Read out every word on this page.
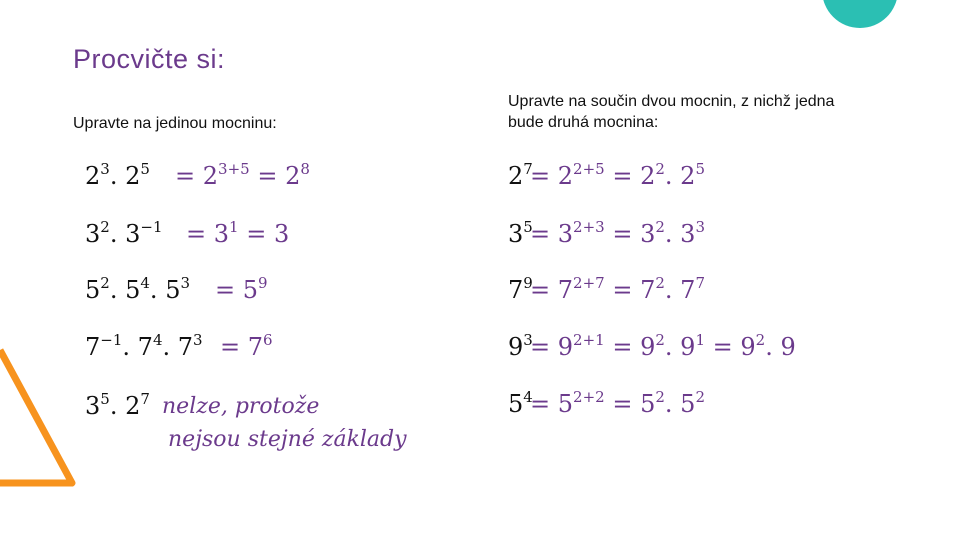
Procvičte si:
Upravte na jedinou mocninu:
Upravte na součin dvou mocnin, z nichž jedna bude druhá mocnina:
$2^3$. $2^5 = 2^{3+5} = 2^8$
$3^2$. $3^{-1} = 3^1 = 3$
$5^2$. $5^4$. $5^3 = 5^9$
$7^{-1}$. $7^4$. $7^3 = 7^6$
$3^5$. $2^7$ nelze, protože
nejsou stejné základy
$2^7$
= $2^{2+5} = 2^2$. $2^5$
$3^5$
= $3^{2+3} = 3^2$. $3^3$
$7^9$
= $7^{2+7} = 7^2$. $7^7$
$9^3$
= $9^{2+1} = 9^2$. $9^1 = 9^2$. 9
$5^4$
= $5^{2+2} = 5^2$. $5^2$
